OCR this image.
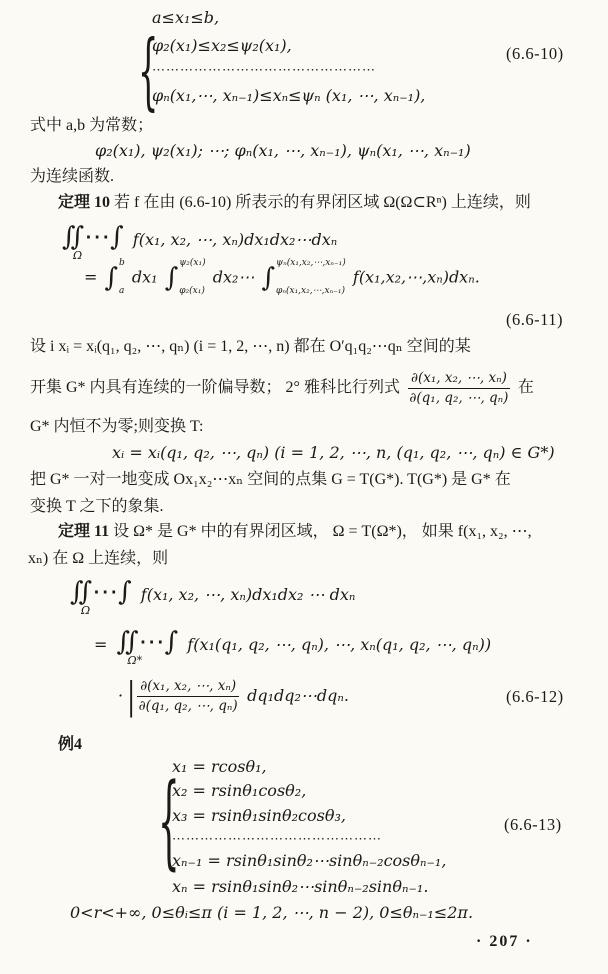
{
a≤x₁≤b,
φ₂(x₁)≤x₂≤ψ₂(x₁),
⋯⋯⋯⋯⋯⋯⋯⋯⋯⋯⋯⋯⋯⋯⋯⋯
φₙ(x₁,⋯, xₙ₋₁)≤xₙ≤ψₙ (x₁, ⋯, xₙ₋₁),
(6.6-10)
式中 a,b 为常数；
φ₂(x₁), ψ₂(x₁); ⋯; φₙ(x₁, ⋯, xₙ₋₁), ψₙ(x₁, ⋯, xₙ₋₁)
为连续函数.
定理 10 若 f 在由 (6.6-10) 所表示的有界闭区域 Ω(Ω⊂Rⁿ) 上连续，则
∬⋯∫
Ω
f(x₁, x₂, ⋯, xₙ)dx₁dx₂⋯dxₙ
= ∫ b
a
dx₁ ∫ ψ₂(x₁)
φ₂(x₁)
dx₂⋯ ∫ ψₙ(x₁,x₂,⋯,xₙ₋₁)
φₙ(x₁,x₂,⋯,xₙ₋₁)
f(x₁,x₂,⋯,xₙ)dxₙ.
(6.6-11)
设 i xᵢ = xᵢ(q₁, q₂, ⋯, qₙ) (i = 1, 2, ⋯, n) 都在 O′q₁q₂⋯qₙ 空间的某
开集 G* 内具有连续的一阶偏导数； 2° 雅科比行列式 $\frac{\text{∂(x₁, x₂, ⋯, xₙ)}}{\text{∂(q₁, q₂, ⋯, qₙ)}}$ 在
G* 内恒不为零;则变换 T:
xᵢ = xᵢ(q₁, q₂, ⋯, qₙ) (i = 1, 2, ⋯, n, (q₁, q₂, ⋯, qₙ) ∈ G*)
把 G* 一对一地变成 Ox₁x₂⋯xₙ 空间的点集 G = T(G*). T(G*) 是 G* 在
变换 T 之下的象集.
定理 11 设 Ω* 是 G* 中的有界闭区域， Ω = T(Ω*)， 如果 f(x₁, x₂, ⋯,
xₙ) 在 Ω 上连续，则
∬⋯∫
Ω
f(x₁, x₂, ⋯, xₙ)dx₁dx₂ ⋯ dxₙ
= ∬⋯∫
Ω*
f(x₁(q₁, q₂, ⋯, qₙ), ⋯, xₙ(q₁, q₂, ⋯, qₙ))
· | $\frac{\text{∂(x₁, x₂, ⋯, xₙ)}}{\text{∂(q₁, q₂, ⋯, qₙ)}}$ dq₁dq₂⋯dqₙ.	(6.6-12)
例4
{
x₁ = rcosθ₁,
x₂ = rsinθ₁cosθ₂,
x₃ = rsinθ₁sinθ₂cosθ₃,
⋯⋯⋯⋯⋯⋯⋯⋯⋯⋯⋯⋯⋯⋯⋯
xₙ₋₁ = rsinθ₁sinθ₂⋯sinθₙ₋₂cosθₙ₋₁,
xₙ = rsinθ₁sinθ₂⋯sinθₙ₋₂sinθₙ₋₁.
(6.6-13)
0<r<+∞, 0≤θᵢ≤π (i = 1, 2, ⋯, n − 2), 0≤θₙ₋₁≤2π.
· 207 ·
